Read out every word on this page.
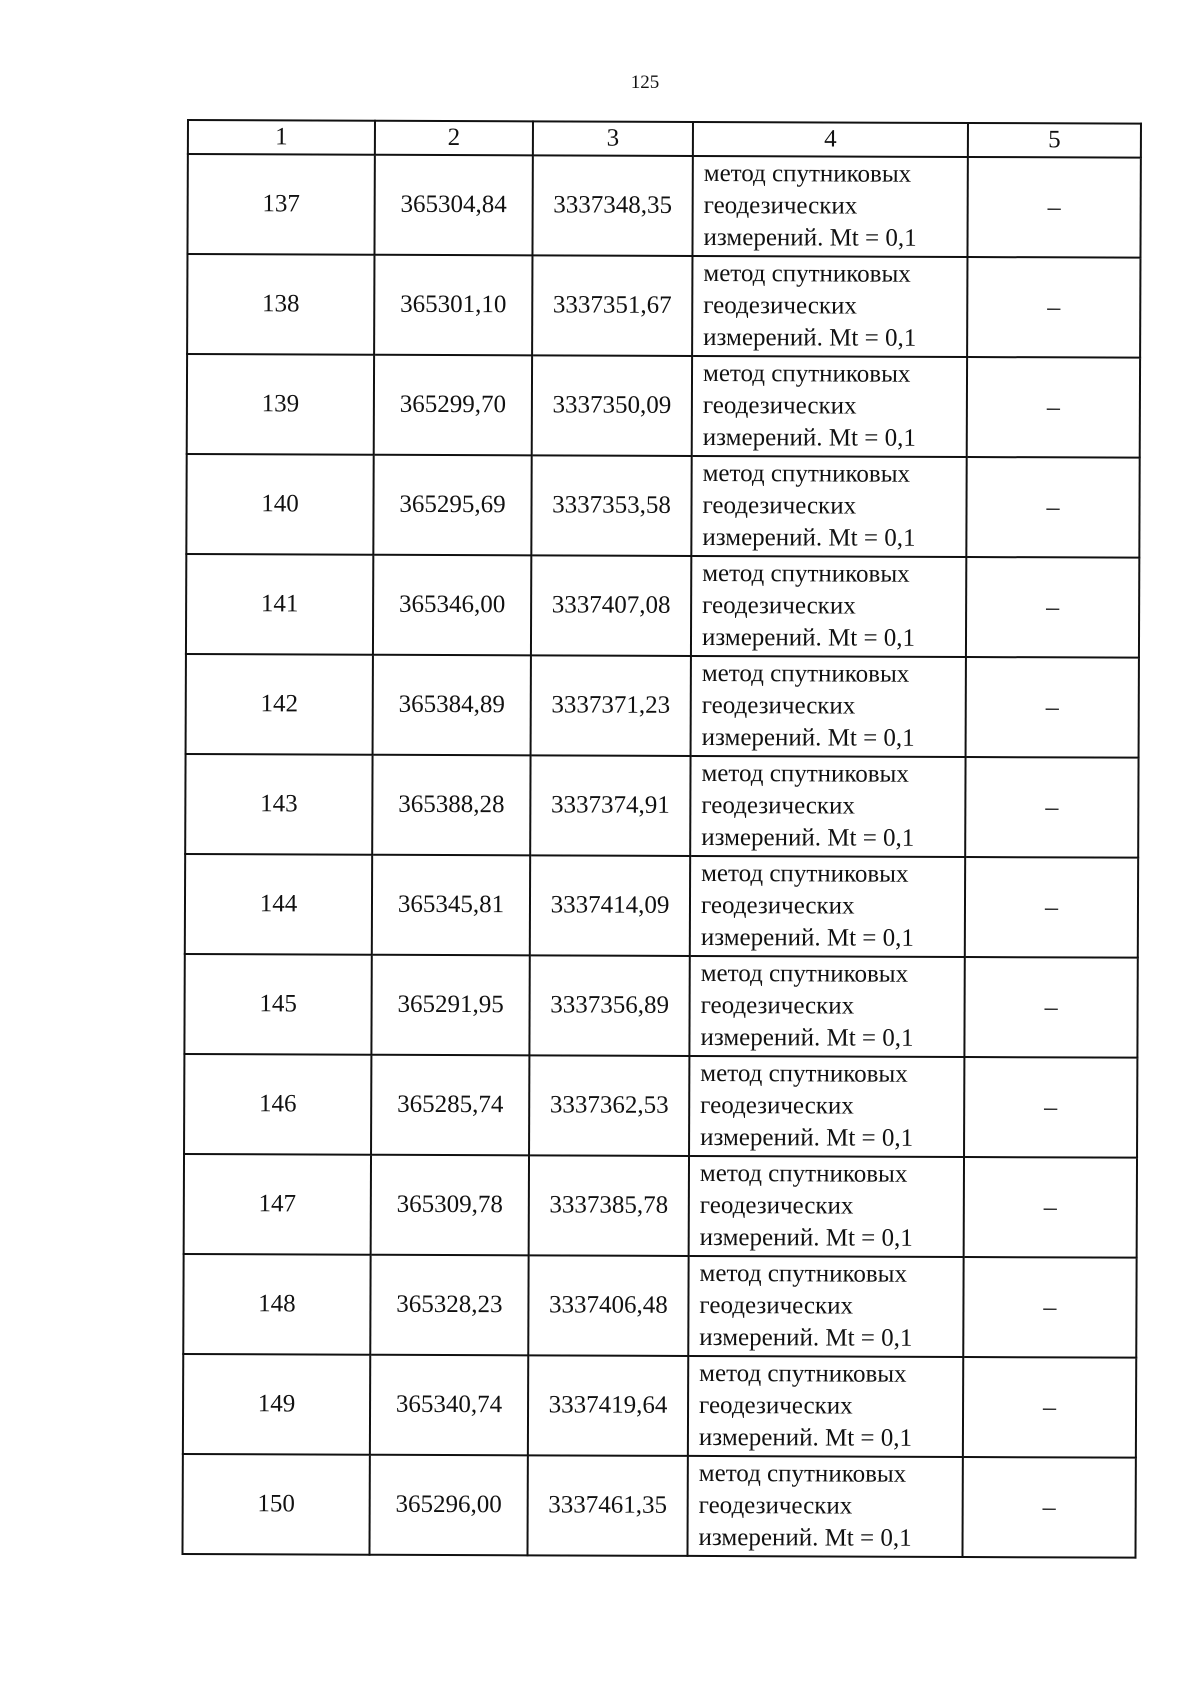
125
1	2	3	4	5
137	365304,84	3337348,35	метод спутниковых
геодезических
измерений. Mt = 0,1	–
138	365301,10	3337351,67	метод спутниковых
геодезических
измерений. Mt = 0,1	–
139	365299,70	3337350,09	метод спутниковых
геодезических
измерений. Mt = 0,1	–
140	365295,69	3337353,58	метод спутниковых
геодезических
измерений. Mt = 0,1	–
141	365346,00	3337407,08	метод спутниковых
геодезических
измерений. Mt = 0,1	–
142	365384,89	3337371,23	метод спутниковых
геодезических
измерений. Mt = 0,1	–
143	365388,28	3337374,91	метод спутниковых
геодезических
измерений. Mt = 0,1	–
144	365345,81	3337414,09	метод спутниковых
геодезических
измерений. Mt = 0,1	–
145	365291,95	3337356,89	метод спутниковых
геодезических
измерений. Mt = 0,1	–
146	365285,74	3337362,53	метод спутниковых
геодезических
измерений. Mt = 0,1	–
147	365309,78	3337385,78	метод спутниковых
геодезических
измерений. Mt = 0,1	–
148	365328,23	3337406,48	метод спутниковых
геодезических
измерений. Mt = 0,1	–
149	365340,74	3337419,64	метод спутниковых
геодезических
измерений. Mt = 0,1	–
150	365296,00	3337461,35	метод спутниковых
геодезических
измерений. Mt = 0,1	–
